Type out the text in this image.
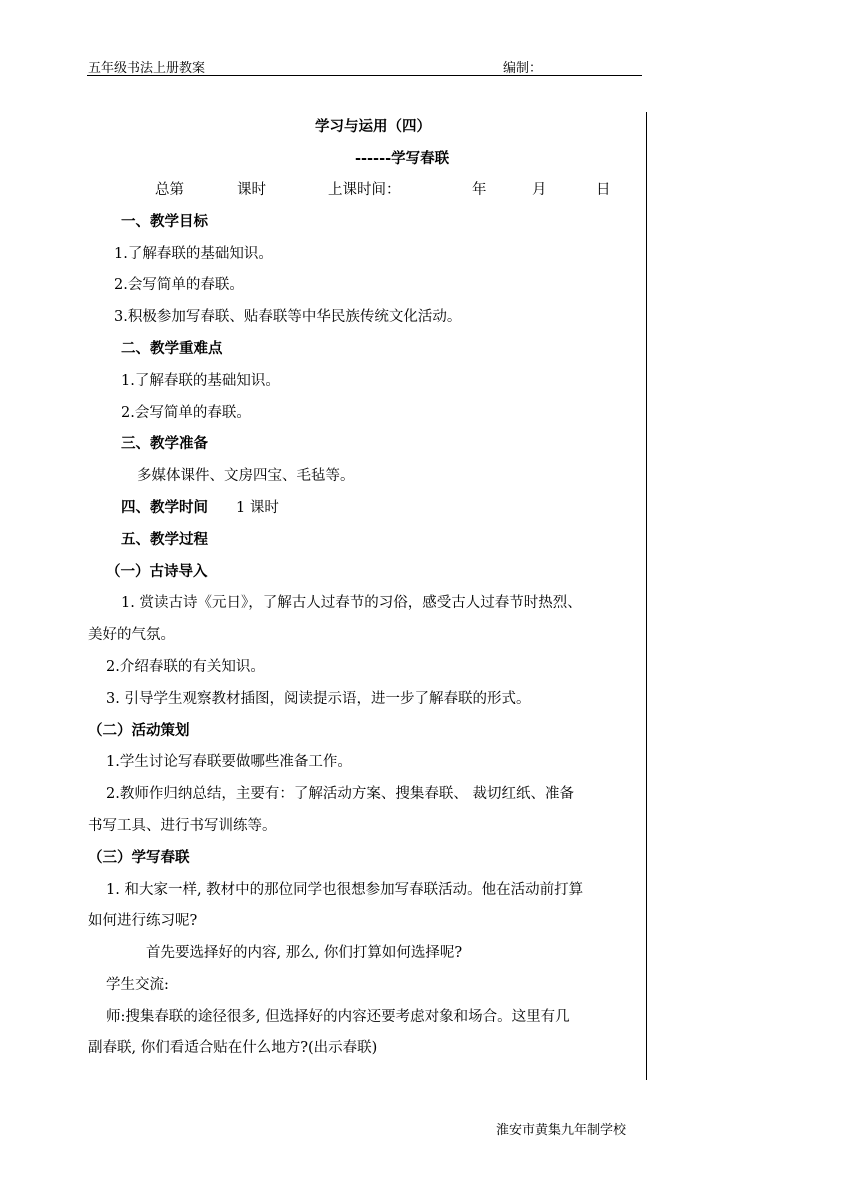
五年级书法上册教案	编制：
学习与运用（四）
------学写春联
总第	课时	上课时间：	年	月	日
一、教学目标
1.了解春联的基础知识。
2.会写简单的春联。
3.积极参加写春联、贴春联等中华民族传统文化活动。
二、教学重难点
1.了解春联的基础知识。
2.会写简单的春联。
三、教学准备
多媒体课件、文房四宝、毛毡等。
四、教学时间 1 课时
五、教学过程
（一）古诗导入
1. 赏读古诗《元日》，了解古人过春节的习俗，感受古人过春节时热烈、
美好的气氛。
2.介绍春联的有关知识。
3. 引导学生观察教材插图，阅读提示语，进一步了解春联的形式。
（二）活动策划
1.学生讨论写春联要做哪些准备工作。
2.教师作归纳总结，主要有：了解活动方案、搜集春联、 裁切红纸、准备
书写工具、进行书写训练等。
（三）学写春联
1. 和大家一样, 教材中的那位同学也很想参加写春联活动。他在活动前打算
如何进行练习呢?
首先要选择好的内容, 那么, 你们打算如何选择呢?
学生交流:
师:搜集春联的途径很多, 但选择好的内容还要考虑对象和场合。这里有几
副春联, 你们看适合贴在什么地方?(出示春联)
淮安市黄集九年制学校
